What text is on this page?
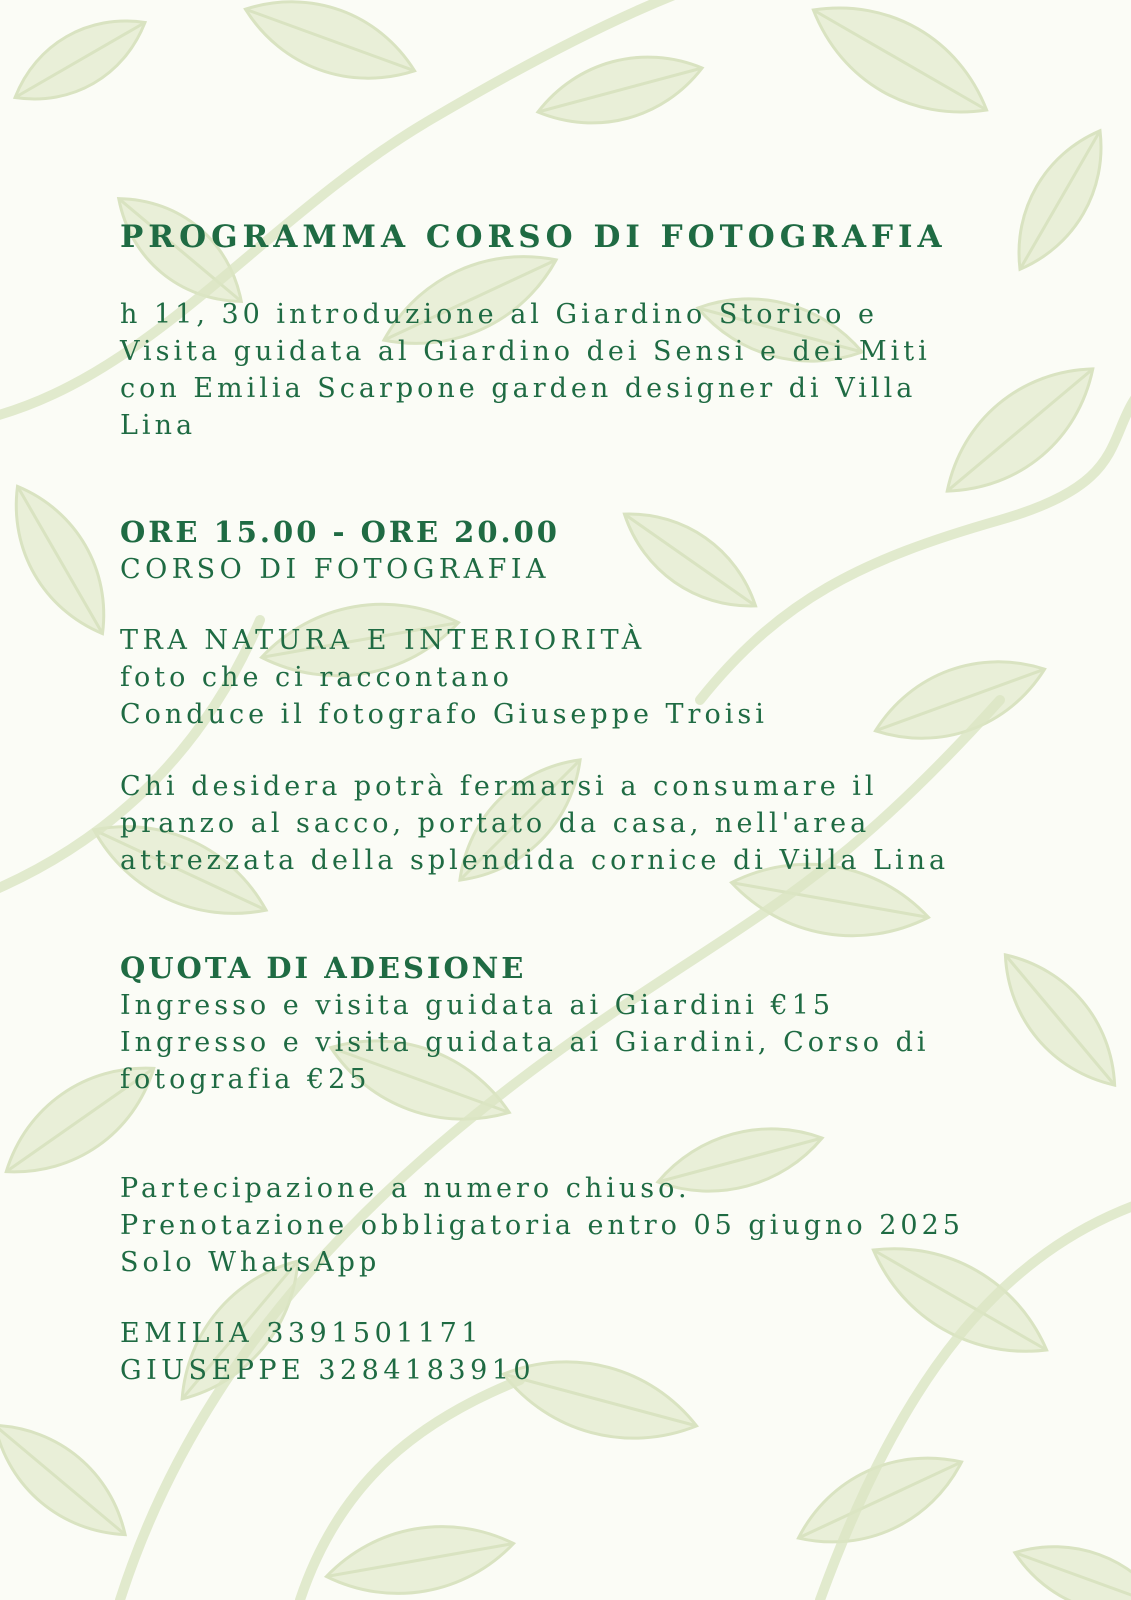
PROGRAMMA CORSO DI FOTOGRAFIA

h 11, 30 introduzione al Giardino Storico e
Visita guidata al Giardino dei Sensi e dei Miti
con Emilia Scarpone garden designer di Villa
Lina

ORE 15.00 - ORE 20.00

CORSO DI FOTOGRAFIA

TRA NATURA E INTERIORITÀ

foto che ci raccontano

Conduce il fotografo Giuseppe Troisi

Chi desidera potrà fermarsi a consumare il
pranzo al sacco, portato da casa, nell'area
attrezzata della splendida cornice di Villa Lina

QUOTA DI ADESIONE

Ingresso e visita guidata ai Giardini €15
Ingresso e visita guidata ai Giardini, Corso di
fotografia €25

Partecipazione a numero chiuso.
Prenotazione obbligatoria entro 05 giugno 2025
Solo WhatsApp

EMILIA 3391501171
GIUSEPPE 3284183910
